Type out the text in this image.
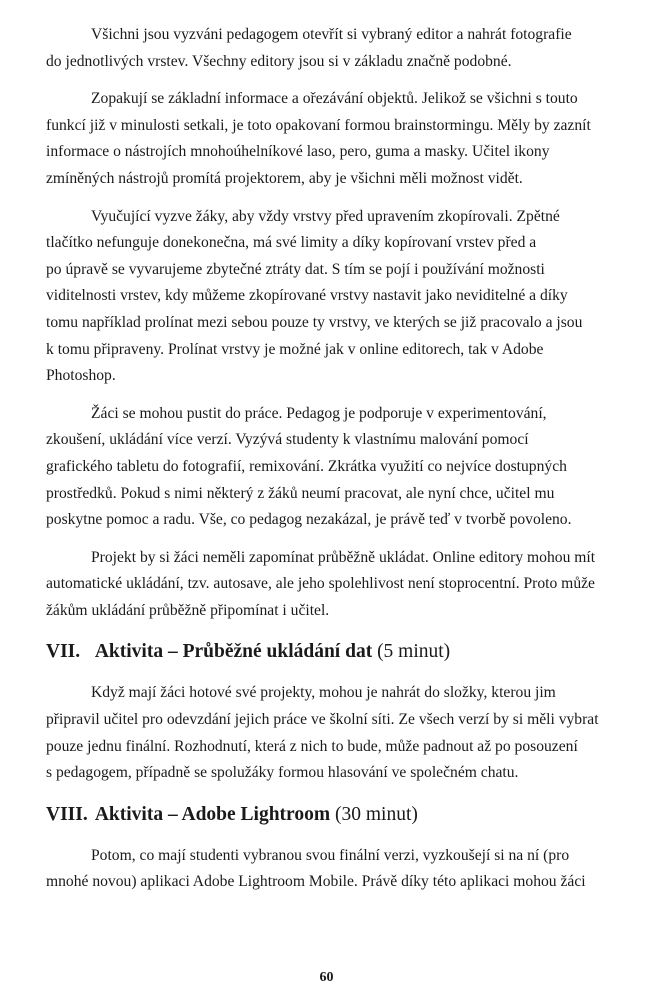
Všichni jsou vyzváni pedagogem otevřít si vybraný editor a nahrát fotografie
do jednotlivých vrstev. Všechny editory jsou si v základu značně podobné.

Zopakují se základní informace a ořezávání objektů. Jelikož se všichni s touto
funkcí již v minulosti setkali, je toto opakovaní formou brainstormingu. Měly by zaznít
informace o nástrojích mnohoúhelníkové laso, pero, guma a masky. Učitel ikony
zmíněných nástrojů promítá projektorem, aby je všichni měli možnost vidět.

Vyučující vyzve žáky, aby vždy vrstvy před upravením zkopírovali. Zpětné
tlačítko nefunguje donekonečna, má své limity a díky kopírovaní vrstev před a
po úpravě se vyvarujeme zbytečné ztráty dat. S tím se pojí i používání možnosti
viditelnosti vrstev, kdy můžeme zkopírované vrstvy nastavit jako neviditelné a díky
tomu například prolínat mezi sebou pouze ty vrstvy, ve kterých se již pracovalo a jsou
k tomu připraveny. Prolínat vrstvy je možné jak v online editorech, tak v Adobe
Photoshop.

Žáci se mohou pustit do práce. Pedagog je podporuje v experimentování,
zkoušení, ukládání více verzí. Vyzývá studenty k vlastnímu malování pomocí
grafického tabletu do fotografií, remixování. Zkrátka využití co nejvíce dostupných
prostředků. Pokud s nimi některý z žáků neumí pracovat, ale nyní chce, učitel mu
poskytne pomoc a radu. Vše, co pedagog nezakázal, je právě teď v tvorbě povoleno.

Projekt by si žáci neměli zapomínat průběžně ukládat. Online editory mohou mít
automatické ukládání, tzv. autosave, ale jeho spolehlivost není stoprocentní. Proto může
žákům ukládání průběžně připomínat i učitel.

VII. Aktivita – Průběžné ukládání dat (5 minut)

Když mají žáci hotové své projekty, mohou je nahrát do složky, kterou jim
připravil učitel pro odevzdání jejich práce ve školní síti. Ze všech verzí by si měli vybrat
pouze jednu finální. Rozhodnutí, která z nich to bude, může padnout až po posouzení
s pedagogem, případně se spolužáky formou hlasování ve společném chatu.

VIII. Aktivita – Adobe Lightroom (30 minut)

Potom, co mají studenti vybranou svou finální verzi, vyzkoušejí si na ní (pro
mnohé novou) aplikaci Adobe Lightroom Mobile. Právě díky této aplikaci mohou žáci

60
